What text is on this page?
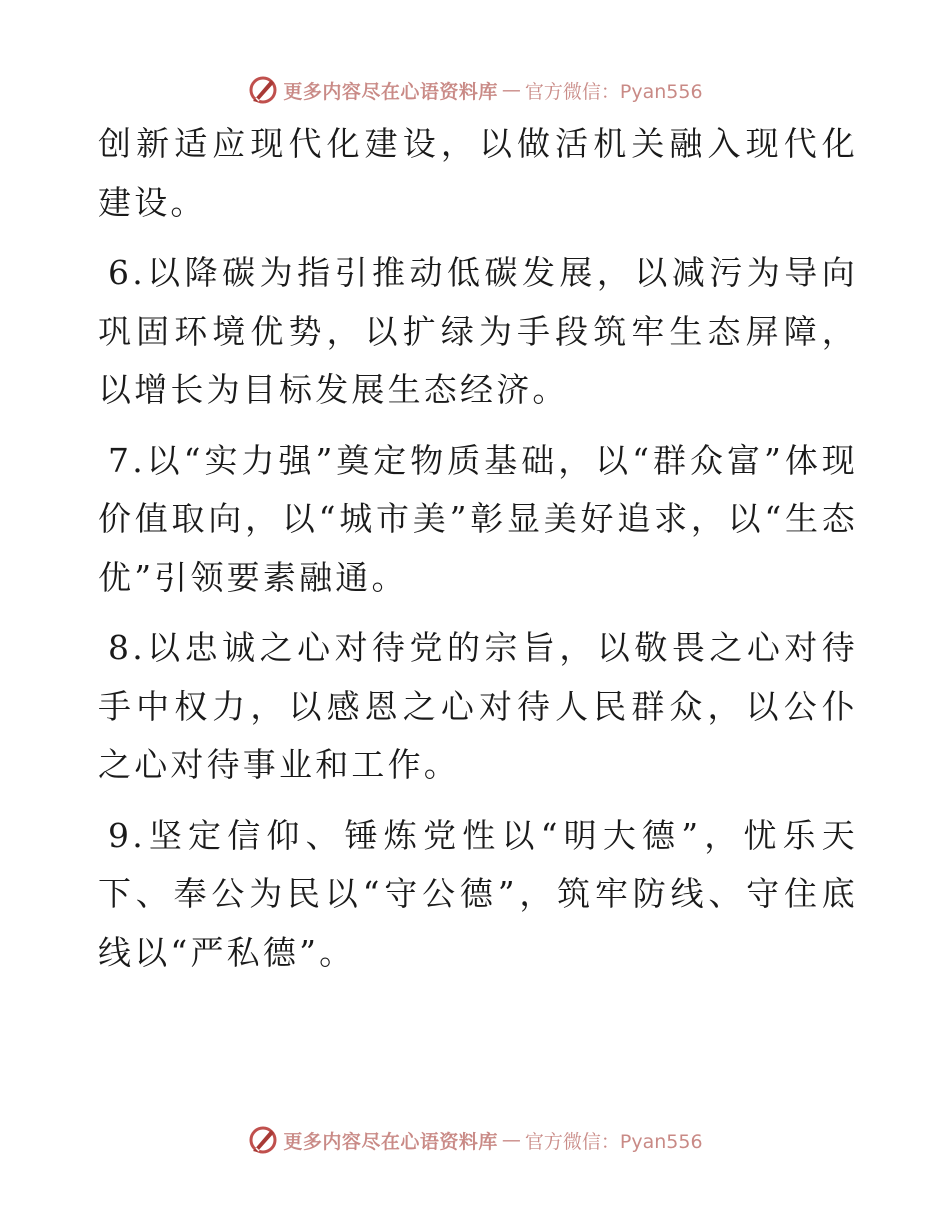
更多内容尽在心语资料库 — 官方微信：Pyan556

创新适应现代化建设，以做活机关融入现代化建设。

6.以降碳为指引推动低碳发展，以减污为导向巩固环境优势，以扩绿为手段筑牢生态屏障，以增长为目标发展生态经济。

7.以“实力强”奠定物质基础，以“群众富”体现价值取向，以“城市美”彰显美好追求，以“生态优”引领要素融通。

8.以忠诚之心对待党的宗旨，以敬畏之心对待手中权力，以感恩之心对待人民群众，以公仆之心对待事业和工作。

9.坚定信仰、锤炼党性以“明大德”，忧乐天下、奉公为民以“守公德”，筑牢防线、守住底线以“严私德”。

更多内容尽在心语资料库 — 官方微信：Pyan556
